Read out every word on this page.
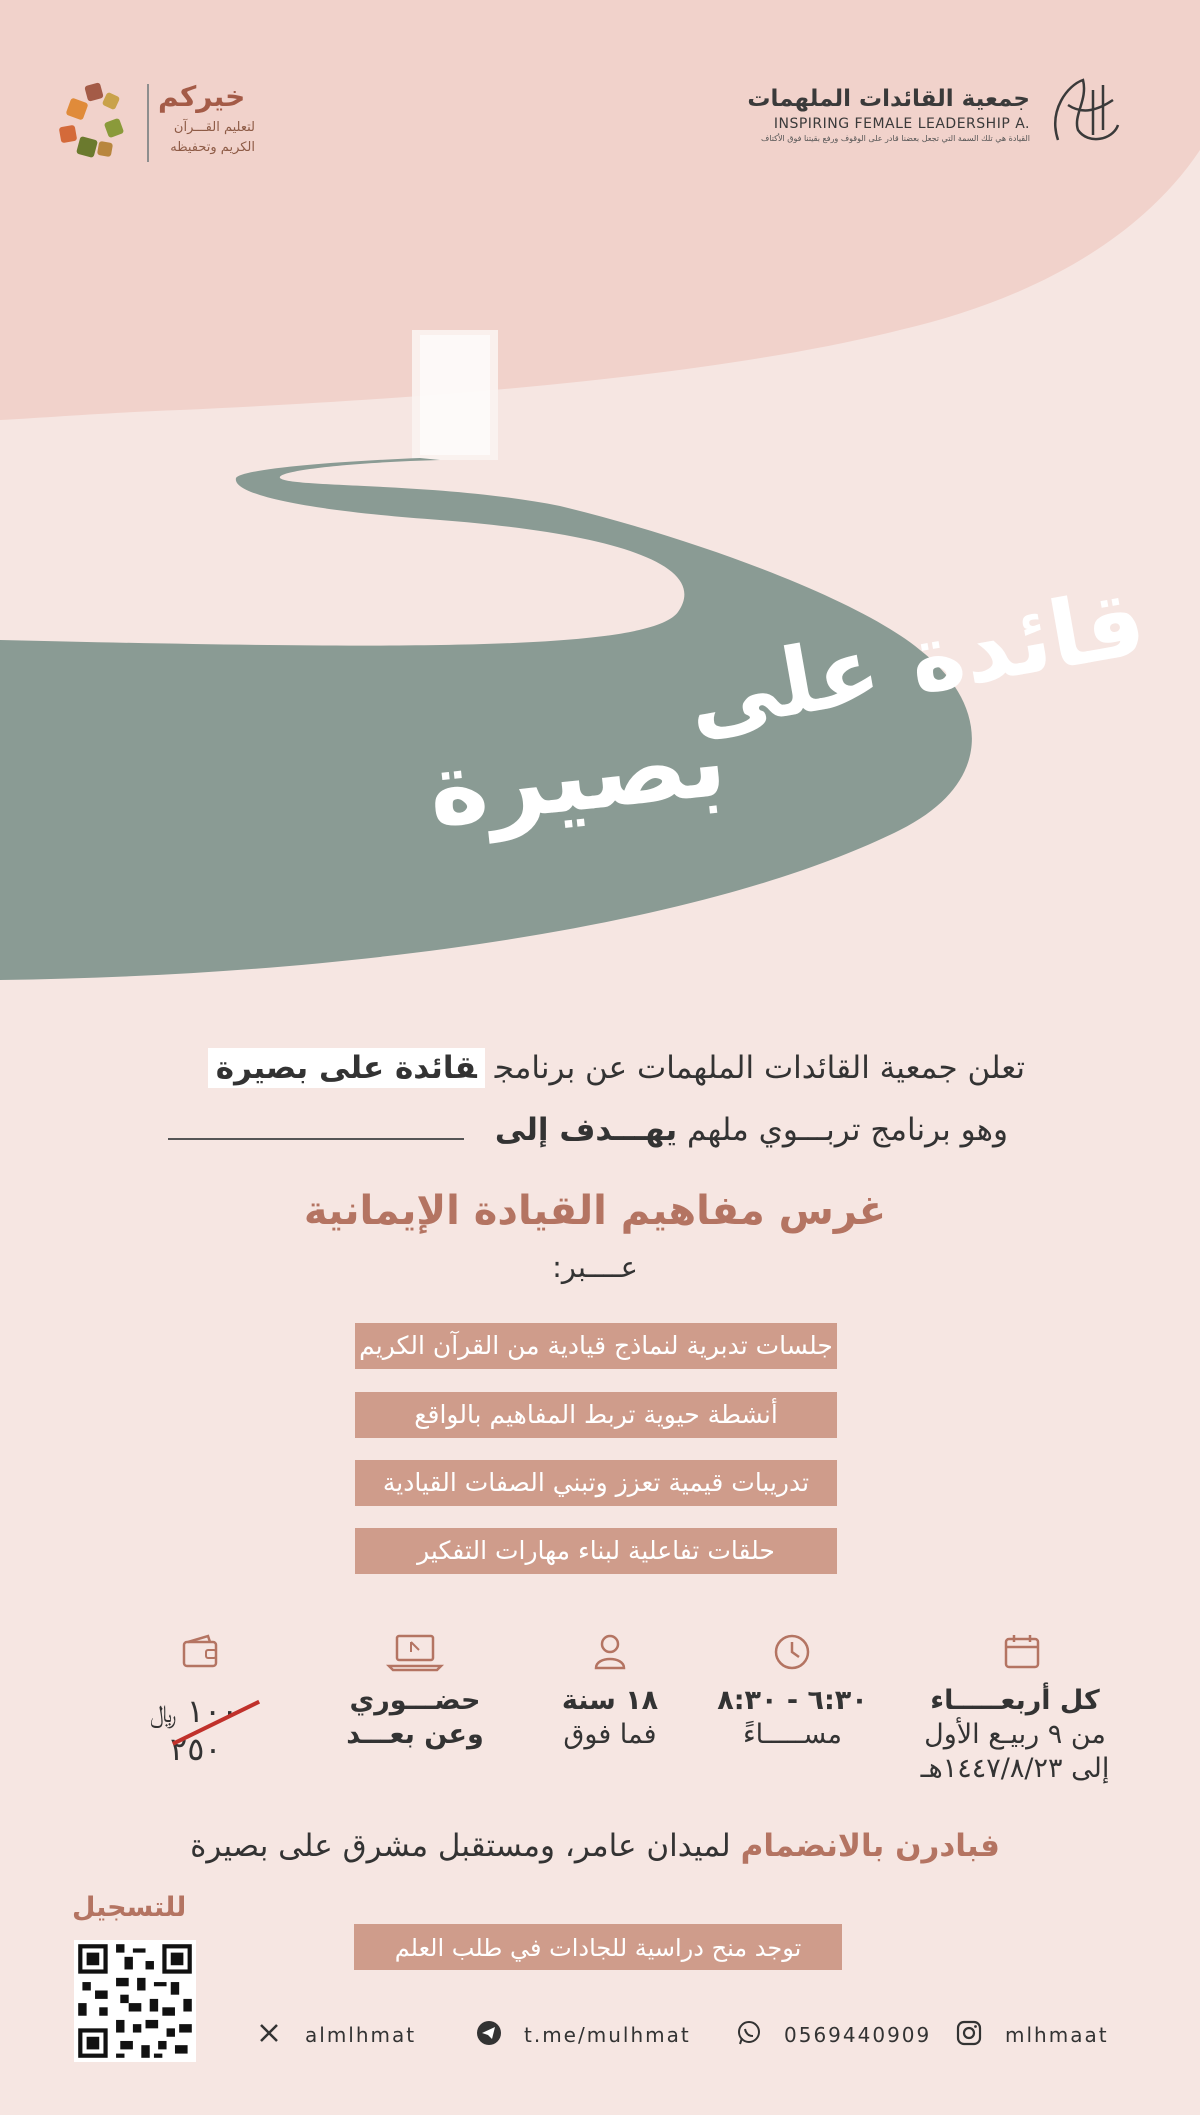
جمعية القائدات الملهمات
INSPIRING FEMALE LEADERSHIP A.
القيادة هي تلك السمة التي تجعل بعضنا قادر على الوقوف ورفع بقيتنا فوق الأكتاف
خيركم
لتعليم القـــرآن
الكريم وتحفيظه
قائدة على
بصيرة
تعلن جمعية القائدات الملهمات عن برنامجقائدة على بصيرة
وهو برنامج تربـــوي ملهم يهـــدف إلى
غرس مفاهيم القيادة الإيمانية
عــــبر:
جلسات تدبرية لنماذج قيادية من القرآن الكريم
أنشطة حيوية تربط المفاهيم بالواقع
تدريبات قيمية تعزز وتبني الصفات القيادية
حلقات تفاعلية لبناء مهارات التفكير
كل أربعـــــاء
من ٩ ربيـع الأول
إلى ١٤٤٧/٨/٢٣هـ
٦:٣٠ - ٨:٣٠
مســـــاءً
١٨ سنة
فما فوق
حضـــوري
وعن بعـــد
١٠٠ ﷼
٢٥٠
فبادرن بالانضمام لميدان عامر، ومستقبل مشرق على بصيرة
للتسجيل
توجد منح دراسية للجادات في طلب العلم
almlhmat	t.me/mulhmat	0569440909	mlhmaat
